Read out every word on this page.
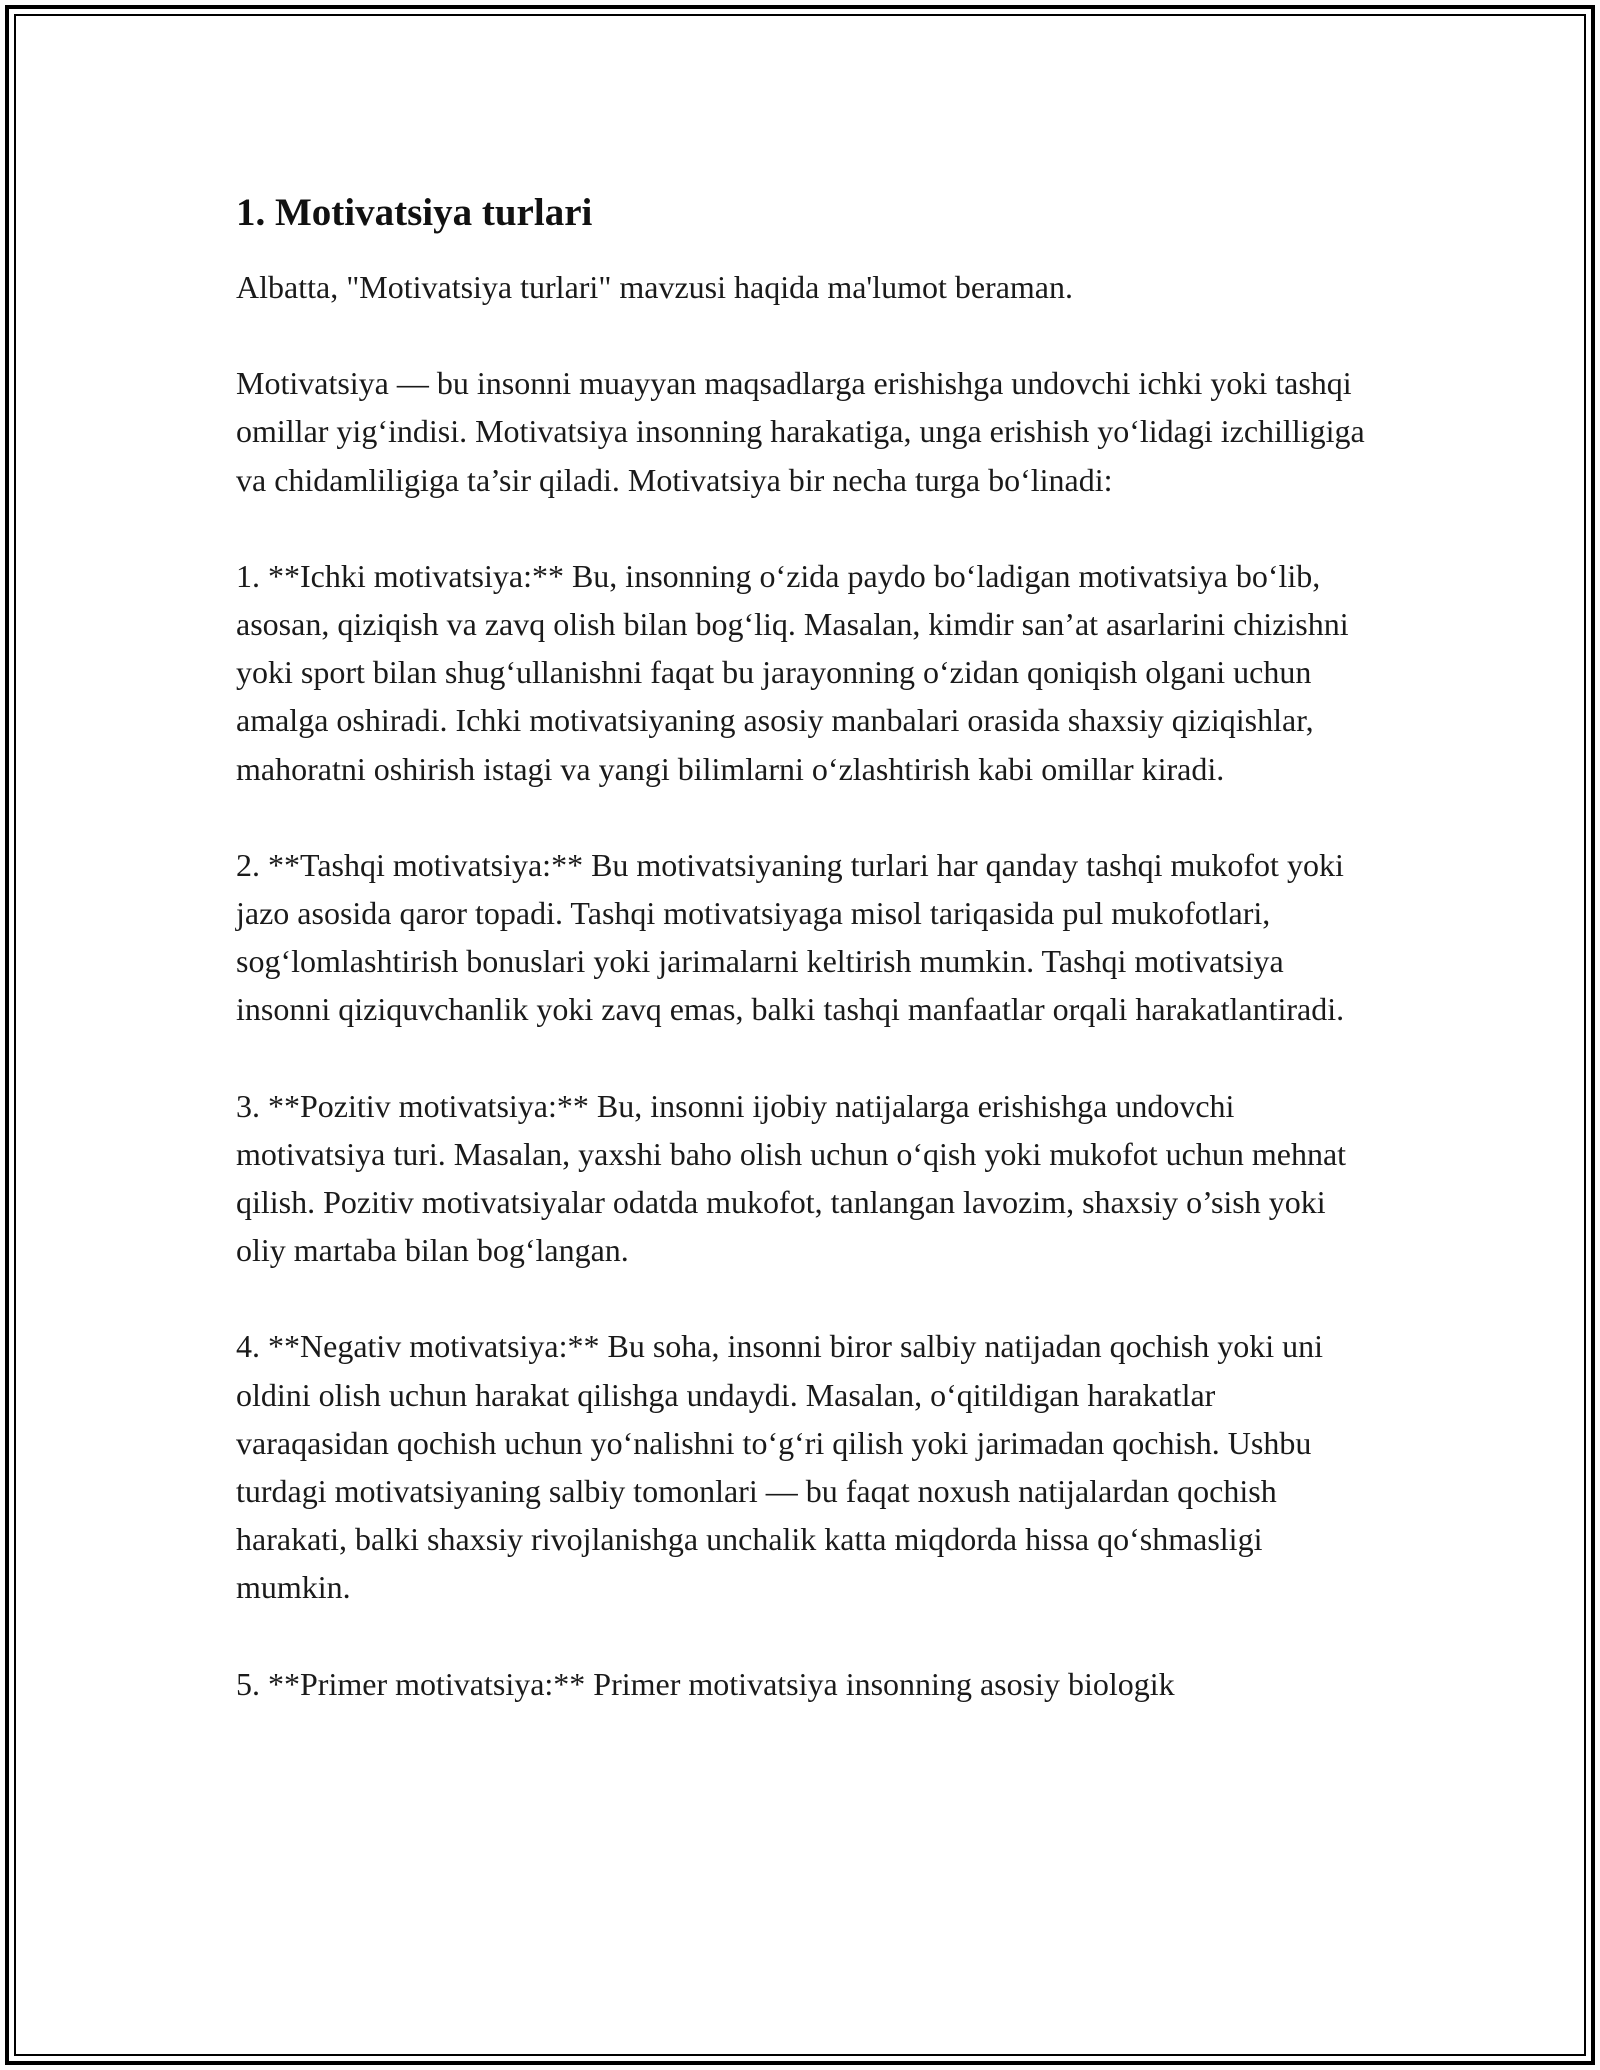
1. Motivatsiya turlari

Albatta, "Motivatsiya turlari" mavzusi haqida ma'lumot beraman.

Motivatsiya — bu insonni muayyan maqsadlarga erishishga undovchi ichki yoki tashqi omillar yig‘indisi. Motivatsiya insonning harakatiga, unga erishish yo‘lidagi izchilligiga va chidamliligiga ta’sir qiladi. Motivatsiya bir necha turga bo‘linadi:

1. **Ichki motivatsiya:** Bu, insonning o‘zida paydo bo‘ladigan motivatsiya bo‘lib, asosan, qiziqish va zavq olish bilan bog‘liq. Masalan, kimdir san’at asarlarini chizishni yoki sport bilan shug‘ullanishni faqat bu jarayonning o‘zidan qoniqish olgani uchun amalga oshiradi. Ichki motivatsiyaning asosiy manbalari orasida shaxsiy qiziqishlar, mahoratni oshirish istagi va yangi bilimlarni o‘zlashtirish kabi omillar kiradi.

2. **Tashqi motivatsiya:** Bu motivatsiyaning turlari har qanday tashqi mukofot yoki jazo asosida qaror topadi. Tashqi motivatsiyaga misol tariqasida pul mukofotlari, sog‘lomlashtirish bonuslari yoki jarimalarni keltirish mumkin. Tashqi motivatsiya insonni qiziquvchanlik yoki zavq emas, balki tashqi manfaatlar orqali harakatlantiradi.

3. **Pozitiv motivatsiya:** Bu, insonni ijobiy natijalarga erishishga undovchi motivatsiya turi. Masalan, yaxshi baho olish uchun o‘qish yoki mukofot uchun mehnat qilish. Pozitiv motivatsiyalar odatda mukofot, tanlangan lavozim, shaxsiy o’sish yoki oliy martaba bilan bog‘langan.

4. **Negativ motivatsiya:** Bu soha, insonni biror salbiy natijadan qochish yoki uni oldini olish uchun harakat qilishga undaydi. Masalan, o‘qitildigan harakatlar varaqasidan qochish uchun yo‘nalishni to‘g‘ri qilish yoki jarimadan qochish. Ushbu turdagi motivatsiyaning salbiy tomonlari — bu faqat noxush natijalardan qochish harakati, balki shaxsiy rivojlanishga unchalik katta miqdorda hissa qo‘shmasligi mumkin.

5. **Primer motivatsiya:** Primer motivatsiya insonning asosiy biologik
